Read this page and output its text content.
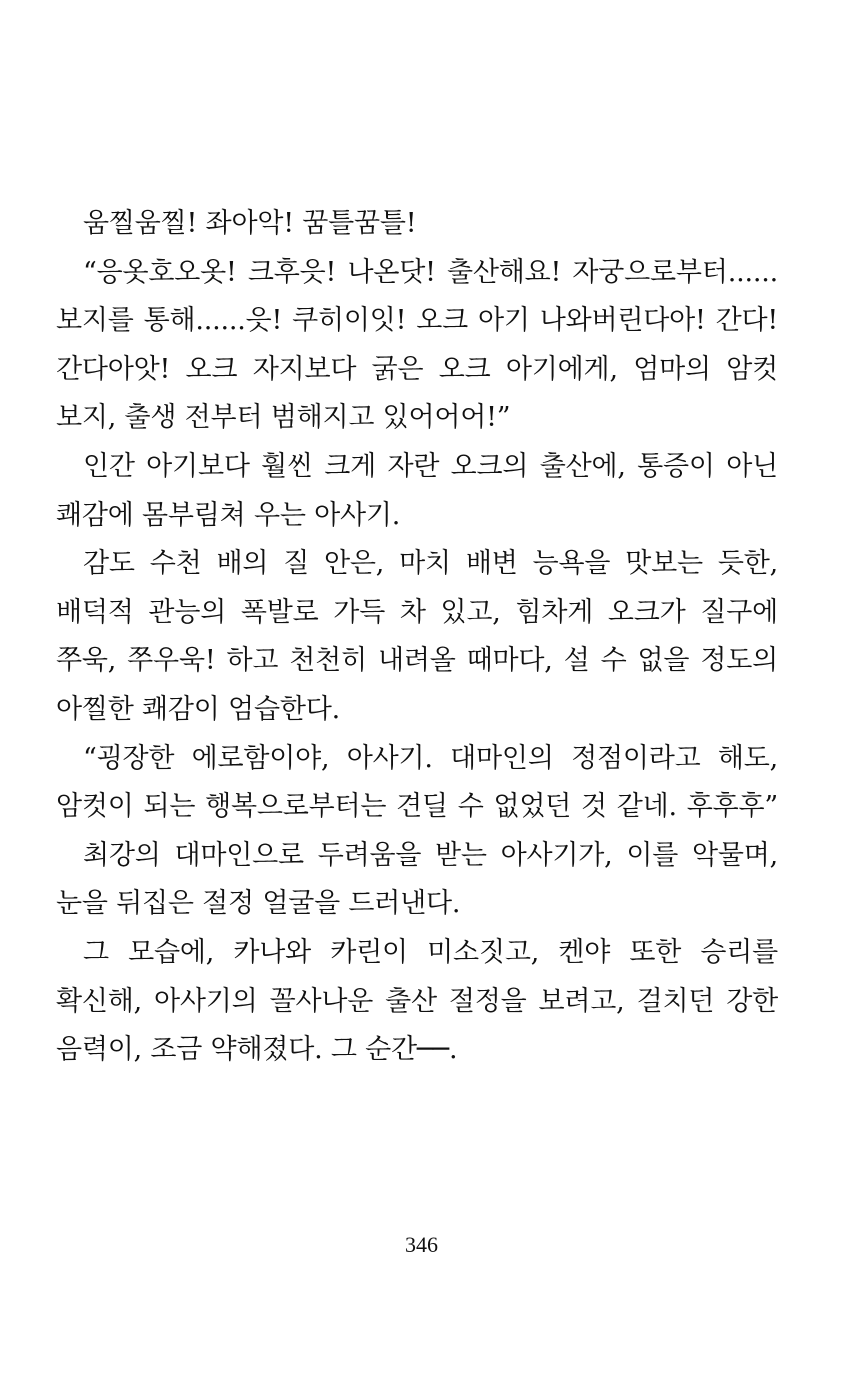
움찔움찔! 좌아악! 꿈틀꿈틀!
“응옷호오옷! 크후읏! 나온닷! 출산해요! 자궁으로부터......
보지를 통해......읏! 쿠히이잇! 오크 아기 나와버린다아! 간다!
간다아앗! 오크 자지보다 굵은 오크 아기에게, 엄마의 암컷
보지, 출생 전부터 범해지고 있어어어!”
인간 아기보다 훨씬 크게 자란 오크의 출산에, 통증이 아닌
쾌감에 몸부림쳐 우는 아사기.
감도 수천 배의 질 안은, 마치 배변 능욕을 맛보는 듯한,
배덕적 관능의 폭발로 가득 차 있고, 힘차게 오크가 질구에
쭈욱, 쭈우욱! 하고 천천히 내려올 때마다, 설 수 없을 정도의
아찔한 쾌감이 엄습한다.
“굉장한 에로함이야, 아사기. 대마인의 정점이라고 해도,
암컷이 되는 행복으로부터는 견딜 수 없었던 것 같네. 후후후”
최강의 대마인으로 두려움을 받는 아사기가, 이를 악물며,
눈을 뒤집은 절정 얼굴을 드러낸다.
그 모습에, 카나와 카린이 미소짓고, 켄야 또한 승리를
확신해, 아사기의 꼴사나운 출산 절정을 보려고, 걸치던 강한
음력이, 조금 약해졌다. 그 순간──.
346
